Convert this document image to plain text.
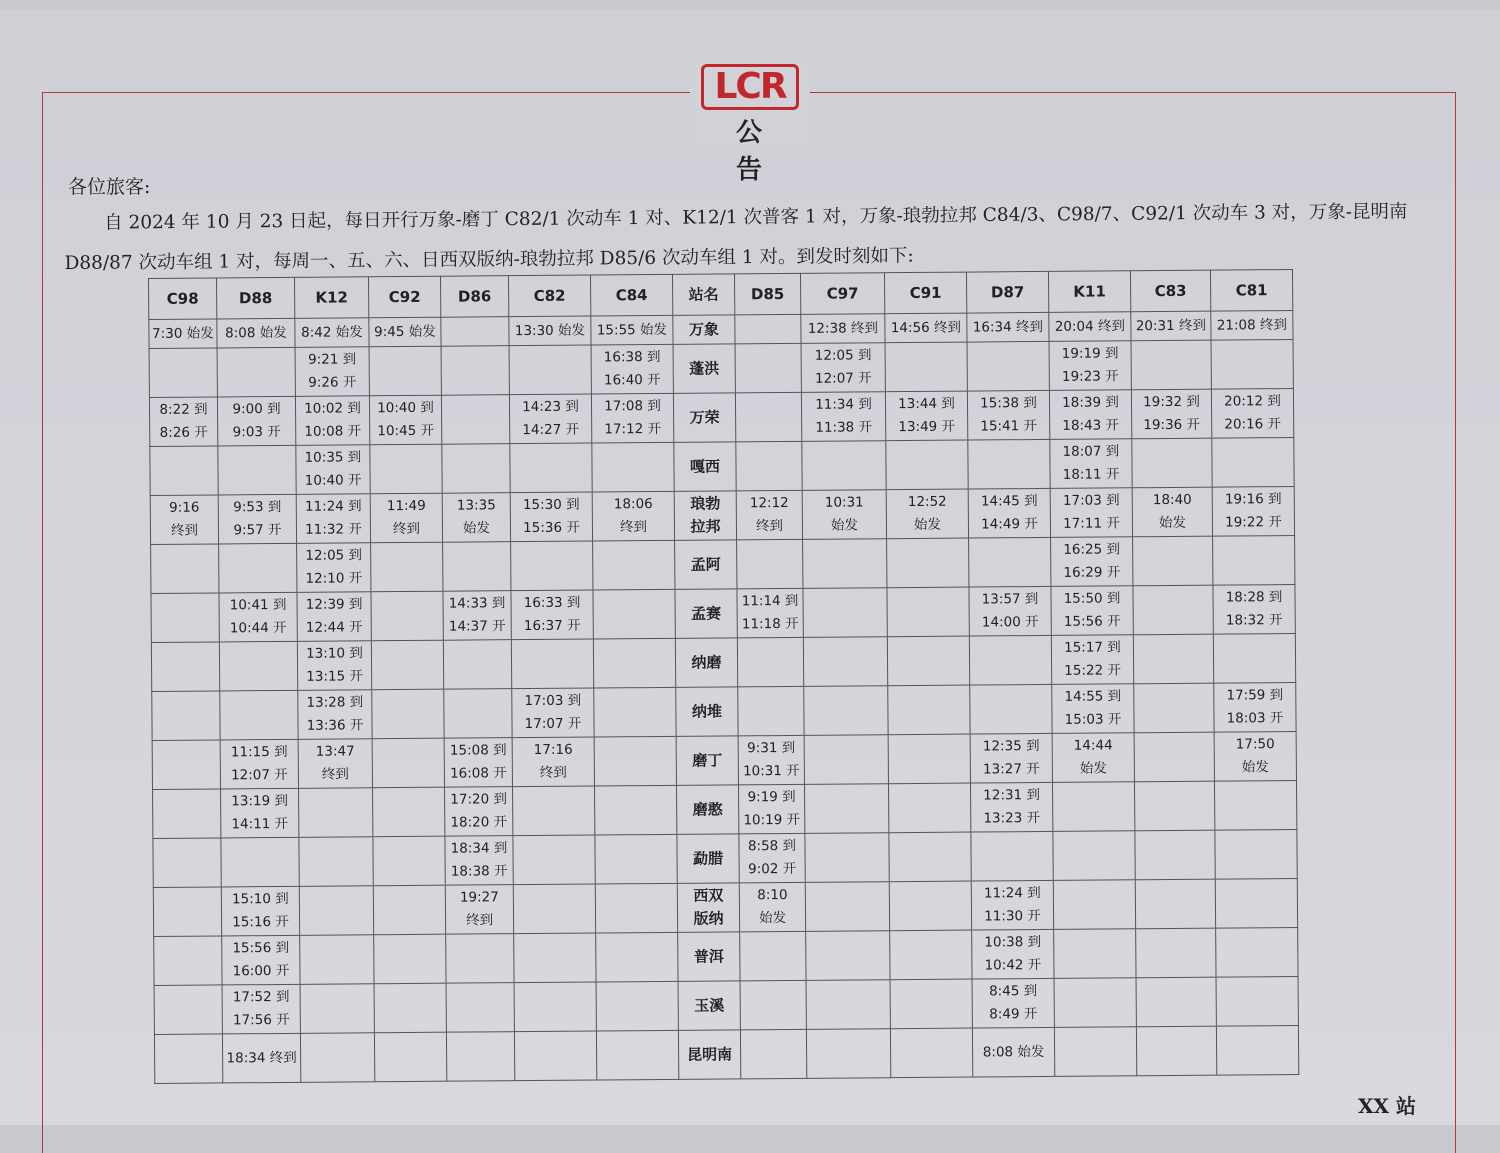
LCR
公 告
各位旅客:
自 2024 年 10 月 23 日起，每日开行万象-磨丁 C82/1 次动车 1 对、K12/1 次普客 1 对，万象-琅勃拉邦 C84/3、C98/7、C92/1 次动车 3 对，万象-昆明南 D88/87 次动车组 1 对，每周一、五、六、日西双版纳-琅勃拉邦 D85/6 次动车组 1 对。到发时刻如下:
C98	D88	K12	C92	D86	C82	C84	站名	D85	C97	C91	D87	K11	C83	C81

7:30 始发	8:08 始发	8:42 始发	9:45 始发		13:30 始发	15:55 始发	万象		12:38 终到	14:56 终到	16:34 终到	20:04 终到	20:31 终到	21:08 终到

		9:21 到
9:26 开				16:38 到
16:40 开	蓬洪		12:05 到
12:07 开			19:19 到
19:23 开		

8:22 到
8:26 开	9:00 到
9:03 开	10:02 到
10:08 开	10:40 到
10:45 开		14:23 到
14:27 开	17:08 到
17:12 开	万荣		11:34 到
11:38 开	13:44 到
13:49 开	15:38 到
15:41 开	18:39 到
18:43 开	19:32 到
19:36 开	20:12 到
20:16 开

		10:35 到
10:40 开					嘎西					18:07 到
18:11 开		

9:16
终到	9:53 到
9:57 开	11:24 到
11:32 开	11:49
终到	13:35
始发	15:30 到
15:36 开	18:06
终到	琅勃
拉邦	12:12
终到	10:31
始发	12:52
始发	14:45 到
14:49 开	17:03 到
17:11 开	18:40
始发	19:16 到
19:22 开

		12:05 到
12:10 开					孟阿					16:25 到
16:29 开		

	10:41 到
10:44 开	12:39 到
12:44 开		14:33 到
14:37 开	16:33 到
16:37 开		孟赛	11:14 到
11:18 开			13:57 到
14:00 开	15:50 到
15:56 开		18:28 到
18:32 开

		13:10 到
13:15 开					纳磨					15:17 到
15:22 开		

		13:28 到
13:36 开			17:03 到
17:07 开		纳堆					14:55 到
15:03 开		17:59 到
18:03 开

	11:15 到
12:07 开	13:47
终到		15:08 到
16:08 开	17:16
终到		磨丁	9:31 到
10:31 开			12:35 到
13:27 开	14:44
始发		17:50
始发

	13:19 到
14:11 开			17:20 到
18:20 开			磨憨	9:19 到
10:19 开			12:31 到
13:23 开			

				18:34 到
18:38 开			勐腊	8:58 到
9:02 开						

	15:10 到
15:16 开			19:27
终到			西双
版纳	8:10
始发			11:24 到
11:30 开			

	15:56 到
16:00 开						普洱				10:38 到
10:42 开			

	17:52 到
17:56 开						玉溪				8:45 到
8:49 开			

	18:34 终到						昆明南				8:08 始发			

XX 站
